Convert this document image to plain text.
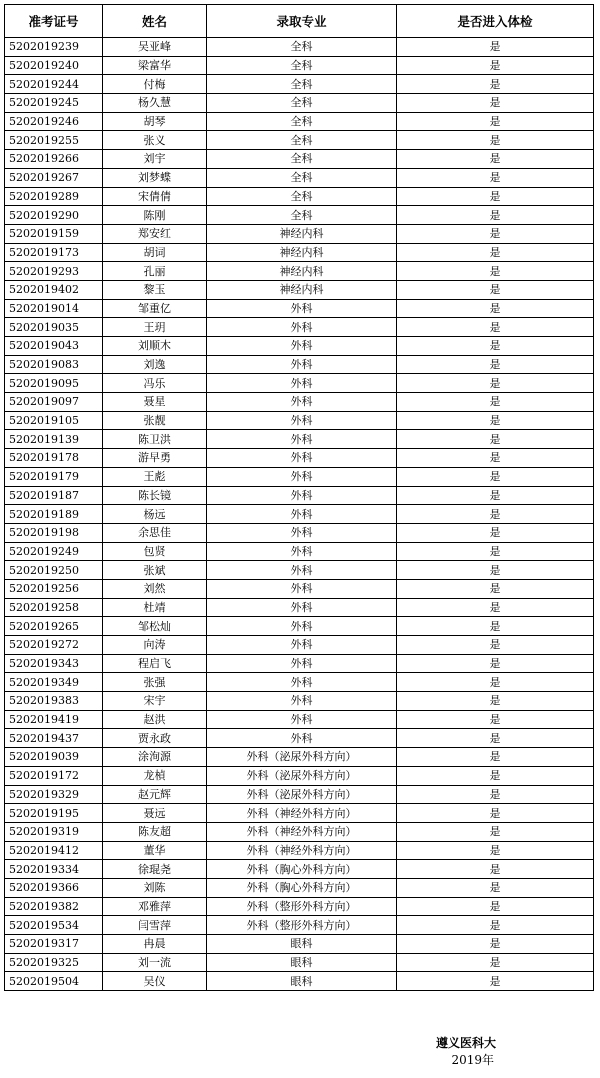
准考证号	姓名	录取专业	是否进入体检
5202019239	吴亚峰	全科	是
5202019240	梁富华	全科	是
5202019244	付梅	全科	是
5202019245	杨久慧	全科	是
5202019246	胡琴	全科	是
5202019255	张义	全科	是
5202019266	刘宇	全科	是
5202019267	刘梦蝶	全科	是
5202019289	宋倩倩	全科	是
5202019290	陈刚	全科	是
5202019159	郑安红	神经内科	是
5202019173	胡词	神经内科	是
5202019293	孔丽	神经内科	是
5202019402	黎玉	神经内科	是
5202019014	邹重亿	外科	是
5202019035	王玥	外科	是
5202019043	刘顺木	外科	是
5202019083	刘逸	外科	是
5202019095	冯乐	外科	是
5202019097	聂星	外科	是
5202019105	张靓	外科	是
5202019139	陈卫洪	外科	是
5202019178	游早勇	外科	是
5202019179	王彪	外科	是
5202019187	陈长镜	外科	是
5202019189	杨远	外科	是
5202019198	余思佳	外科	是
5202019249	包贤	外科	是
5202019250	张斌	外科	是
5202019256	刘然	外科	是
5202019258	杜靖	外科	是
5202019265	邹松灿	外科	是
5202019272	向涛	外科	是
5202019343	程启飞	外科	是
5202019349	张强	外科	是
5202019383	宋宇	外科	是
5202019419	赵洪	外科	是
5202019437	贾永政	外科	是
5202019039	涂洵源	外科（泌尿外科方向）	是
5202019172	龙楨	外科（泌尿外科方向）	是
5202019329	赵元辉	外科（泌尿外科方向）	是
5202019195	聂远	外科（神经外科方向）	是
5202019319	陈友超	外科（神经外科方向）	是
5202019412	董华	外科（神经外科方向）	是
5202019334	徐琨尧	外科（胸心外科方向）	是
5202019366	刘陈	外科（胸心外科方向）	是
5202019382	邓雅萍	外科（整形外科方向）	是
5202019534	闫雪萍	外科（整形外科方向）	是
5202019317	冉晨	眼科	是
5202019325	刘一流	眼科	是
5202019504	吴仪	眼科	是
遵义医科大
2019年
